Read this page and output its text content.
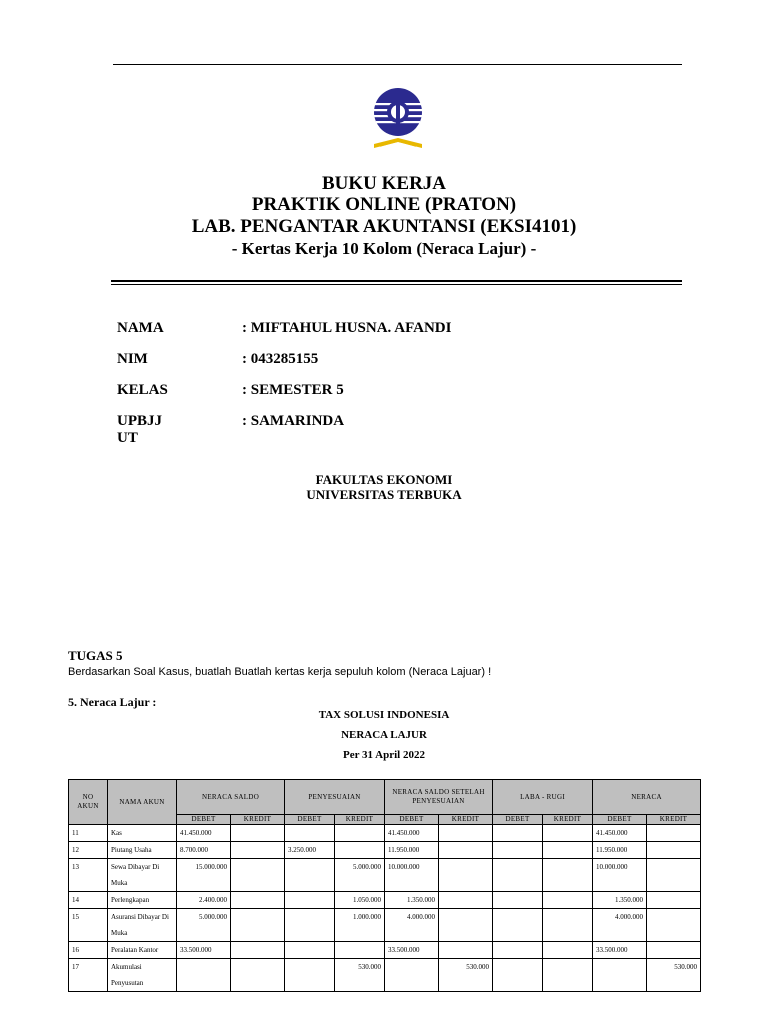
BUKU KERJA
PRAKTIK ONLINE (PRATON)
LAB. PENGANTAR AKUNTANSI (EKSI4101)
- Kertas Kerja 10 Kolom (Neraca Lajur) -
NAMA	: MIFTAHUL HUSNA. AFANDI
NIM	: 043285155
KELAS	: SEMESTER 5
UPBJJ UT
: SAMARINDA
FAKULTAS EKONOMI
UNIVERSITAS TERBUKA
TUGAS 5
Berdasarkan Soal Kasus, buatlah Buatlah kertas kerja sepuluh kolom (Neraca Lajuar) !
5. Neraca Lajur :
TAX SOLUSI INDONESIA
NERACA LAJUR
Per 31 April 2022
NO AKUN	NAMA AKUN	NERACA SALDO		PENYESUAIAN		NERACA SALDO SETELAH PENYESUAIAN		LABA - RUGI		NERACA	
		DEBET	KREDIT	DEBET	KREDIT	DEBET	KREDIT	DEBET	KREDIT	DEBET	KREDIT
11	Kas	41.450.000				41.450.000				41.450.000	
12	Piutang Usaha	8.700.000		3.250.000		11.950.000				11.950.000	
13	Sewa Dibayar Di Muka	15.000.000			5.000.000	10.000.000				10.000.000	
14	Perlengkapan	2.400.000			1.050.000	1.350.000				1.350.000	
15	Asuransi Dibayar Di Muka	5.000.000			1.000.000	4.000.000				4.000.000	
16	Peralatan Kantor	33.500.000				33.500.000				33.500.000	
17	Akumulasi Penyusutan				530.000		530.000				530.000
